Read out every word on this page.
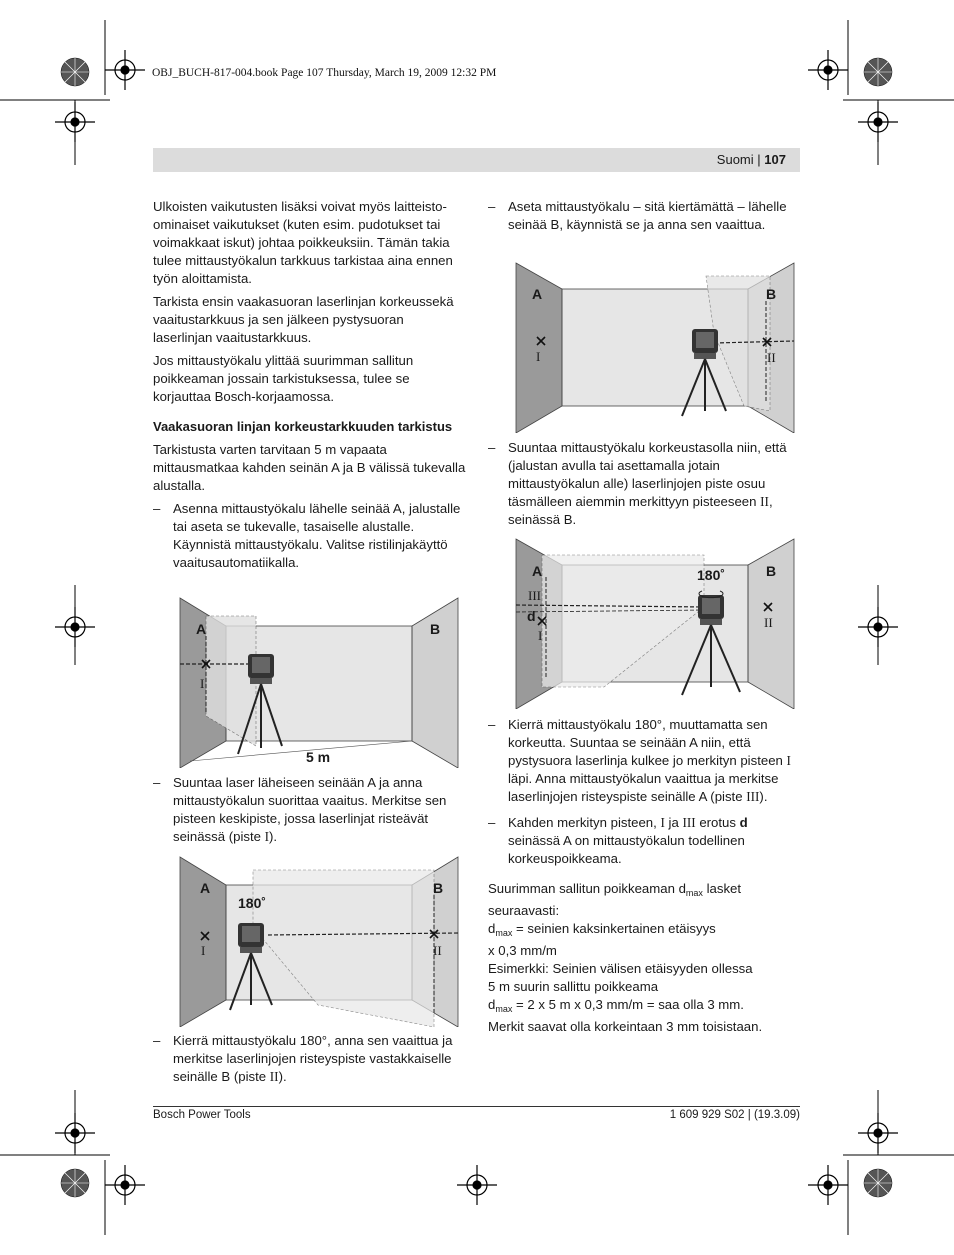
OBJ_BUCH-817-004.book Page 107 Thursday, March 19, 2009 12:32 PM
Suomi | 107

Ulkoisten vaikutusten lisäksi voivat myös laitteisto-ominaiset vaikutukset (kuten esim. pudotukset tai voimakkaat iskut) johtaa poikkeuksiin. Tämän takia tulee mittaustyökalun tarkkuus tarkistaa aina ennen työn aloittamista.

Tarkista ensin vaakasuoran laserlinjan korkeussekä vaaitustarkkuus ja sen jälkeen pystysuoran laserlinjan vaaitustarkkuus.

Jos mittaustyökalu ylittää suurimman sallitun poikkeaman jossain tarkistuksessa, tulee se korjauttaa Bosch-korjaamossa.

Vaakasuoran linjan korkeustarkkuuden tarkistus

Tarkistusta varten tarvitaan 5 m vapaata mittausmatkaa kahden seinän A ja B välissä tukevalla alustalla.

– Asenna mittaustyökalu lähelle seinää A, jalustalle tai aseta se tukevalle, tasaiselle alustalle. Käynnistä mittaustyökalu. Valitse ristilinjakäyttö vaaitusautomatiikalla.
A	B
I
5 m
– Suuntaa laser läheiseen seinään A ja anna mittaustyökalun suorittaa vaaitus. Merkitse sen pisteen keskipiste, jossa laserlinjat risteävät seinässä (piste I).
A	B
180˚
I	II
– Kierrä mittaustyökalu 180°, anna sen vaaittua ja merkitse laserlinjojen risteyspiste vastakkaiselle seinälle B (piste II).
– Aseta mittaustyökalu – sitä kiertämättä – lähelle seinää B, käynnistä se ja anna sen vaaittua.
A	B
I	II
– Suuntaa mittaustyökalu korkeustasolla niin, että (jalustan avulla tai asettamalla jotain mittaustyökalun alle) laserlinjojen piste osuu täsmälleen aiemmin merkittyyn pisteeseen II, seinässä B.
A	B
180˚
III
d
I
II
– Kierrä mittaustyökalu 180°, muuttamatta sen korkeutta. Suuntaa se seinään A niin, että pystysuora laserlinja kulkee jo merkityn pisteen I läpi. Anna mittaustyökalun vaaittua ja merkitse laserlinjojen risteyspiste seinälle A (piste III).
– Kahden merkityn pisteen, I ja III erotus d seinässä A on mittaustyökalun todellinen korkeuspoikkeama.
Suurimman sallitun poikkeaman $d_{max}$ lasket seuraavasti:
$d_{max}$ = seinien kaksinkertainen etäisyys
x 0,3 mm/m
Esimerkki: Seinien välisen etäisyyden ollessa
5 m suurin sallittu poikkeama
$d_{max} = 2$ x 5 m x 0,3 mm/m = saa olla 3 mm.
Merkit saavat olla korkeintaan 3 mm toisistaan.
Bosch Power Tools	1 609 929 S02 | (19.3.09)
